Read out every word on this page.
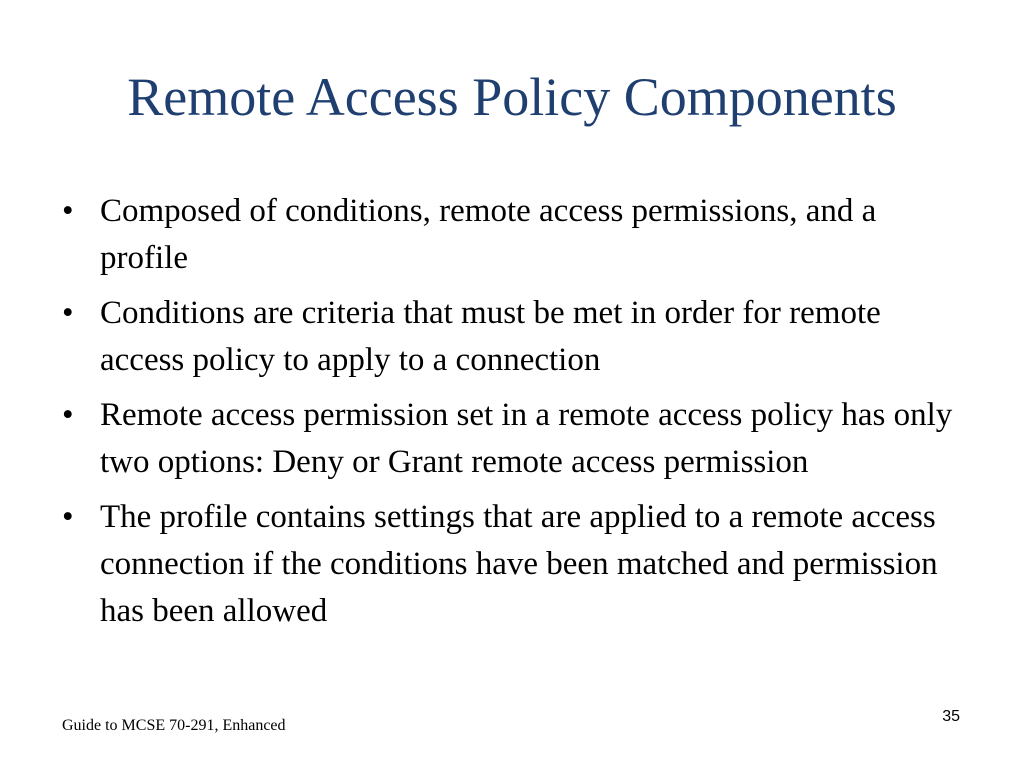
Remote Access Policy Components
• Composed of conditions, remote access permissions, and a profile
• Conditions are criteria that must be met in order for remote access policy to apply to a connection
• Remote access permission set in a remote access policy has only two options: Deny or Grant remote access permission
• The profile contains settings that are applied to a remote access connection if the conditions have been matched and permission has been allowed
Guide to MCSE 70-291, Enhanced
35
